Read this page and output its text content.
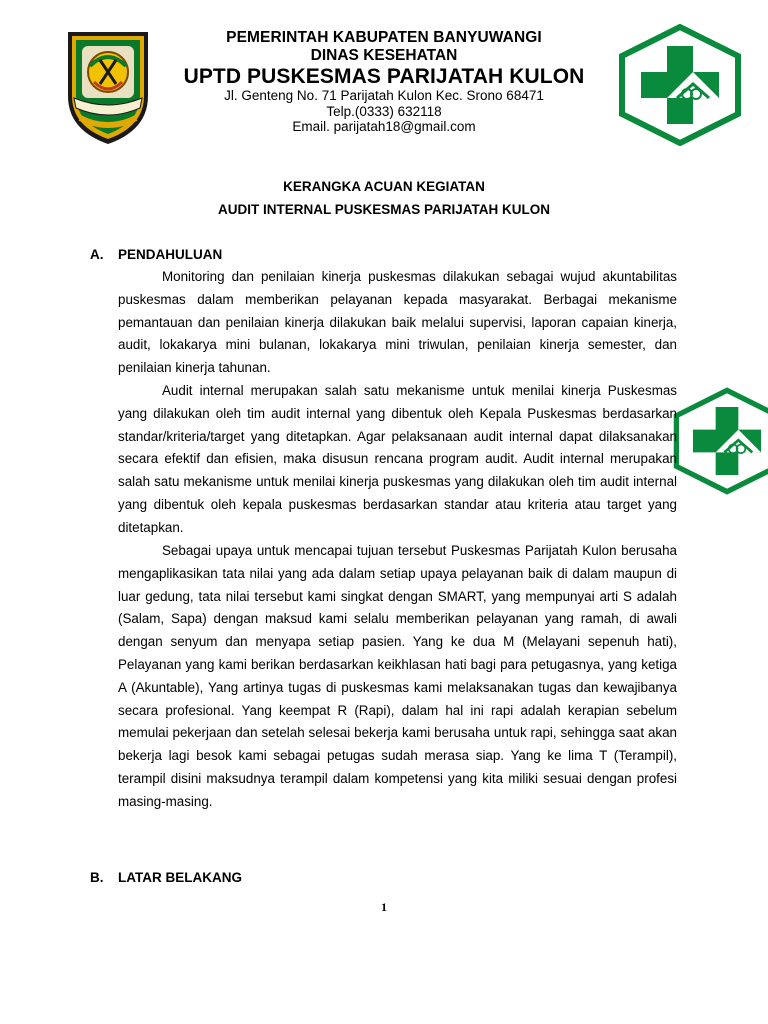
PEMERINTAH KABUPATEN BANYUWANGI
DINAS KESEHATAN
UPTD PUSKESMAS PARIJATAH KULON
Jl. Genteng No. 71 Parijatah Kulon Kec. Srono 68471
Telp.(0333) 632118
Email. parijatah18@gmail.com
KERANGKA ACUAN KEGIATAN
AUDIT INTERNAL PUSKESMAS PARIJATAH KULON
A. PENDAHULUAN

Monitoring dan penilaian kinerja puskesmas dilakukan sebagai wujud akuntabilitas puskesmas dalam memberikan pelayanan kepada masyarakat. Berbagai mekanisme pemantauan dan penilaian kinerja dilakukan baik melalui supervisi, laporan capaian kinerja, audit, lokakarya mini bulanan, lokakarya mini triwulan, penilaian kinerja semester, dan penilaian kinerja tahunan.

Audit internal merupakan salah satu mekanisme untuk menilai kinerja Puskesmas yang dilakukan oleh tim audit internal yang dibentuk oleh Kepala Puskesmas berdasarkan standar/kriteria/target yang ditetapkan. Agar pelaksanaan audit internal dapat dilaksanakan secara efektif dan efisien, maka disusun rencana program audit. Audit internal merupakan salah satu mekanisme untuk menilai kinerja puskesmas yang dilakukan oleh tim audit internal yang dibentuk oleh kepala puskesmas berdasarkan standar atau kriteria atau target yang ditetapkan.

Sebagai upaya untuk mencapai tujuan tersebut Puskesmas Parijatah Kulon berusaha mengaplikasikan tata nilai yang ada dalam setiap upaya pelayanan baik di dalam maupun di luar gedung, tata nilai tersebut kami singkat dengan SMART, yang mempunyai arti S adalah (Salam, Sapa) dengan maksud kami selalu memberikan pelayanan yang ramah, di awali dengan senyum dan menyapa setiap pasien. Yang ke dua M (Melayani sepenuh hati), Pelayanan yang kami berikan berdasarkan keikhlasan hati bagi para petugasnya, yang ketiga A (Akuntable), Yang artinya tugas di puskesmas kami melaksanakan tugas dan kewajibanya secara profesional. Yang keempat R (Rapi), dalam hal ini rapi adalah kerapian sebelum memulai pekerjaan dan setelah selesai bekerja kami berusaha untuk rapi, sehingga saat akan bekerja lagi besok kami sebagai petugas sudah merasa siap. Yang ke lima T (Terampil), terampil disini maksudnya terampil dalam kompetensi yang kita miliki sesuai dengan profesi masing-masing.

B. LATAR BELAKANG
1
